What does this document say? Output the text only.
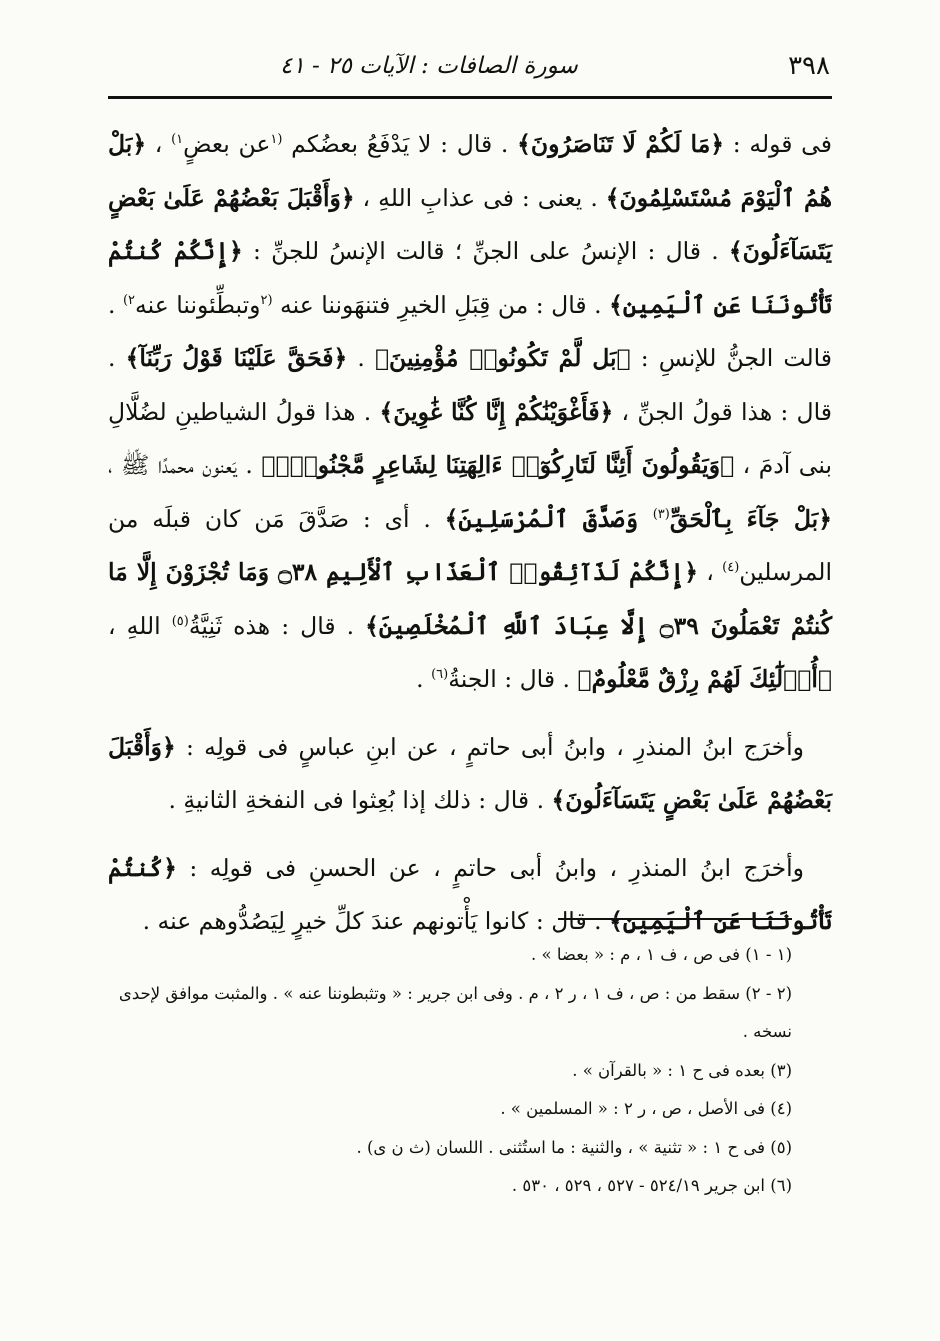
٣٩٨
سورة الصافات : الآيات ٢٥ - ٤١

فى قوله : ﴿مَا لَكُمْ لَا تَنَاصَرُونَ﴾ . قال : لا يَدْفَعُ بعضُكم $^{(١}$عن بعضٍ$^{١)}$ ، ﴿بَلْ هُمُ ٱلْيَوْمَ مُسْتَسْلِمُونَ﴾ . يعنى : فى عذابِ اللهِ ، ﴿وَأَقْبَلَ بَعْضُهُمْ عَلَىٰ بَعْضٍ يَتَسَآءَلُونَ﴾ . قال : الإنسُ على الجنِّ ؛ قالت الإنسُ للجنِّ : ﴿إِنَّكُمْ كُنتُمْ تَأْتُونَنَا عَنِ ٱلْيَمِينِ﴾ . قال : من قِبَلِ الخيرِ فتنهَوننا عنه $^{(٢}$وتبطِّئوننا عنه$^{٢)}$ . قالت الجنُّ للإنسِ : ﴿بَل لَّمْ تَكُونُوا۟ مُؤْمِنِينَ﴾ . ﴿فَحَقَّ عَلَيْنَا قَوْلُ رَبِّنَآ﴾ . قال : هذا قولُ الجنِّ ، ﴿فَأَغْوَيْنَٰكُمْ إِنَّا كُنَّا غَٰوِينَ﴾ . هذا قولُ الشياطينِ لضُلَّالِ بنى آدمَ ، ﴿وَيَقُولُونَ أَئِنَّا لَتَارِكُوٓا۟ ءَالِهَتِنَا لِشَاعِرٍ مَّجْنُونٍۭ﴾ . يَعنون محمدًا ﷺ ، ﴿بَلْ جَآءَ بِٱلْحَقِّ$^{(٣)}$ وَصَدَّقَ ٱلْمُرْسَلِينَ﴾ . أى : صَدَّقَ مَن كان قبلَه من المرسلين$^{(٤)}$ ، ﴿إِنَّكُمْ لَذَآئِقُوا۟ ٱلْعَذَابِ ٱلْأَلِيمِ ۝٣٨ وَمَا تُجْزَوْنَ إِلَّا مَا كُنتُمْ تَعْمَلُونَ ۝٣٩ إِلَّا عِبَادَ ٱللَّهِ ٱلْمُخْلَصِينَ﴾ . قال : هذه ثَنِيَّةُ$^{(٥)}$ اللهِ ، ﴿أُو۟لَٰٓئِكَ لَهُمْ رِزْقٌ مَّعْلُومٌ﴾ . قال : الجنةُ$^{(٦)}$ .

وأخرَج ابنُ المنذرِ ، وابنُ أبى حاتمٍ ، عن ابنِ عباسٍ فى قولِه : ﴿وَأَقْبَلَ بَعْضُهُمْ عَلَىٰ بَعْضٍ يَتَسَآءَلُونَ﴾ . قال : ذلك إذا بُعِثوا فى النفخةِ الثانيةِ .

وأخرَج ابنُ المنذرِ ، وابنُ أبى حاتمٍ ، عن الحسنِ فى قولِه : ﴿كُنتُمْ تَأْتُونَنَا عَنِ ٱلْيَمِينِ﴾ . قال : كانوا يَأْتونهم عندَ كلِّ خيرٍ لِيَصُدُّوهم عنه .

(١ - ١) فى ص ، ف ١ ، م : « بعضا » .

(٢ - ٢) سقط من : ص ، ف ١ ، ر ٢ ، م . وفى ابن جرير : « وتثبطوننا عنه » . والمثبت موافق لإحدى نسخه .

(٣) بعده فى ح ١ : « بالقرآن » .

(٤) فى الأصل ، ص ، ر ٢ : « المسلمين » .

(٥) فى ح ١ : « تثنية » ، والثنية : ما استُثنى . اللسان (ث ن ى) .

(٦) ابن جرير ٥٢٤/١٩ - ٥٢٧ ، ٥٢٩ ، ٥٣٠ .
